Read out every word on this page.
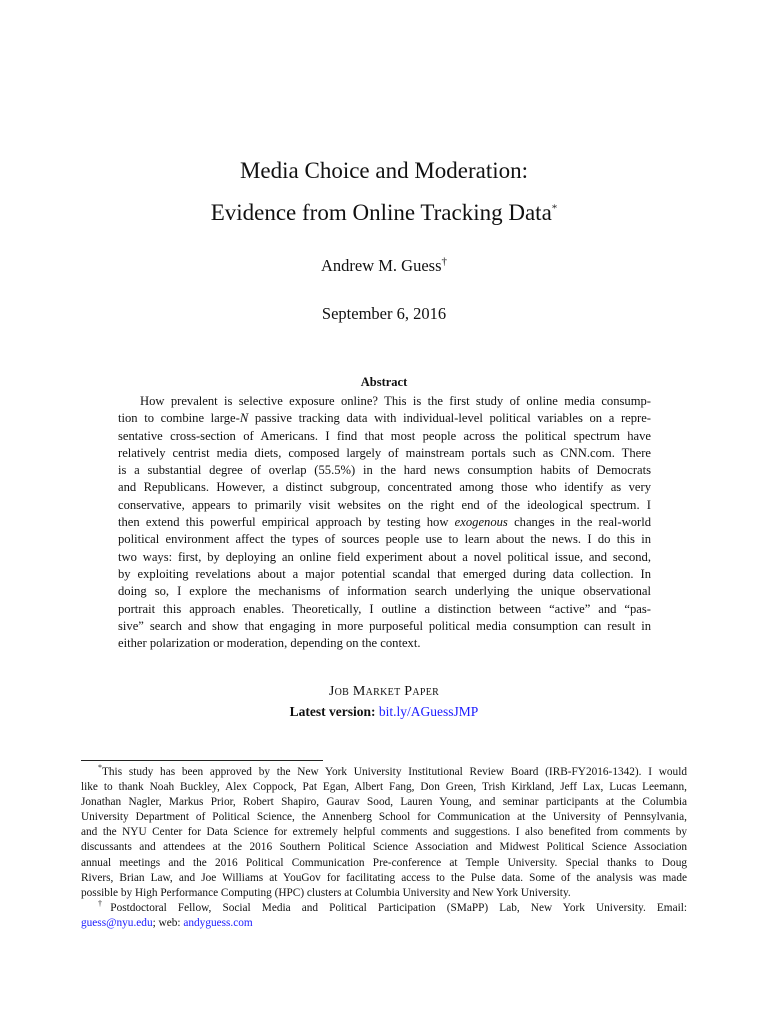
Media Choice and Moderation:
Evidence from Online Tracking Data*
Andrew M. Guess†
September 6, 2016
Abstract
How prevalent is selective exposure online? This is the first study of online media consump-
tion to combine large-N passive tracking data with individual-level political variables on a repre-
sentative cross-section of Americans. I find that most people across the political spectrum have
relatively centrist media diets, composed largely of mainstream portals such as CNN.com. There
is a substantial degree of overlap (55.5%) in the hard news consumption habits of Democrats
and Republicans. However, a distinct subgroup, concentrated among those who identify as very
conservative, appears to primarily visit websites on the right end of the ideological spectrum. I
then extend this powerful empirical approach by testing how exogenous changes in the real-world
political environment affect the types of sources people use to learn about the news. I do this in
two ways: first, by deploying an online field experiment about a novel political issue, and second,
by exploiting revelations about a major potential scandal that emerged during data collection. In
doing so, I explore the mechanisms of information search underlying the unique observational
portrait this approach enables. Theoretically, I outline a distinction between “active” and “pas-
sive” search and show that engaging in more purposeful political media consumption can result in
either polarization or moderation, depending on the context.
Job Market Paper
Latest version: bit.ly/AGuessJMP
*This study has been approved by the New York University Institutional Review Board (IRB-FY2016-1342). I would
like to thank Noah Buckley, Alex Coppock, Pat Egan, Albert Fang, Don Green, Trish Kirkland, Jeff Lax, Lucas Leemann,
Jonathan Nagler, Markus Prior, Robert Shapiro, Gaurav Sood, Lauren Young, and seminar participants at the Columbia
University Department of Political Science, the Annenberg School for Communication at the University of Pennsylvania,
and the NYU Center for Data Science for extremely helpful comments and suggestions. I also benefited from comments by
discussants and attendees at the 2016 Southern Political Science Association and Midwest Political Science Association
annual meetings and the 2016 Political Communication Pre-conference at Temple University. Special thanks to Doug
Rivers, Brian Law, and Joe Williams at YouGov for facilitating access to the Pulse data. Some of the analysis was made
possible by High Performance Computing (HPC) clusters at Columbia University and New York University.
†Postdoctoral Fellow, Social Media and Political Participation (SMaPP) Lab, New York University. Email:
guess@nyu.edu; web: andyguess.com
